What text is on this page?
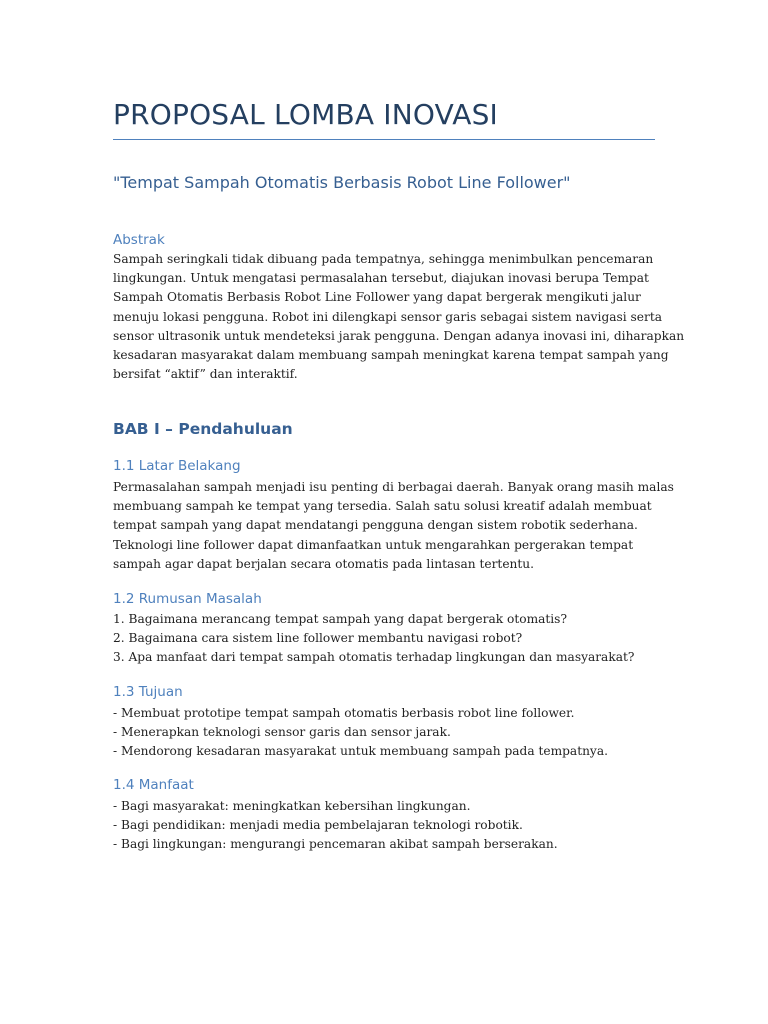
PROPOSAL LOMBA INOVASI
"Tempat Sampah Otomatis Berbasis Robot Line Follower"
Abstrak
Sampah seringkali tidak dibuang pada tempatnya, sehingga menimbulkan pencemaran
lingkungan. Untuk mengatasi permasalahan tersebut, diajukan inovasi berupa Tempat
Sampah Otomatis Berbasis Robot Line Follower yang dapat bergerak mengikuti jalur
menuju lokasi pengguna. Robot ini dilengkapi sensor garis sebagai sistem navigasi serta
sensor ultrasonik untuk mendeteksi jarak pengguna. Dengan adanya inovasi ini, diharapkan
kesadaran masyarakat dalam membuang sampah meningkat karena tempat sampah yang
bersifat “aktif” dan interaktif.
BAB I – Pendahuluan
1.1 Latar Belakang
Permasalahan sampah menjadi isu penting di berbagai daerah. Banyak orang masih malas
membuang sampah ke tempat yang tersedia. Salah satu solusi kreatif adalah membuat
tempat sampah yang dapat mendatangi pengguna dengan sistem robotik sederhana.
Teknologi line follower dapat dimanfaatkan untuk mengarahkan pergerakan tempat
sampah agar dapat berjalan secara otomatis pada lintasan tertentu.
1.2 Rumusan Masalah
1. Bagaimana merancang tempat sampah yang dapat bergerak otomatis?
2. Bagaimana cara sistem line follower membantu navigasi robot?
3. Apa manfaat dari tempat sampah otomatis terhadap lingkungan dan masyarakat?
1.3 Tujuan
- Membuat prototipe tempat sampah otomatis berbasis robot line follower.
- Menerapkan teknologi sensor garis dan sensor jarak.
- Mendorong kesadaran masyarakat untuk membuang sampah pada tempatnya.
1.4 Manfaat
- Bagi masyarakat: meningkatkan kebersihan lingkungan.
- Bagi pendidikan: menjadi media pembelajaran teknologi robotik.
- Bagi lingkungan: mengurangi pencemaran akibat sampah berserakan.
